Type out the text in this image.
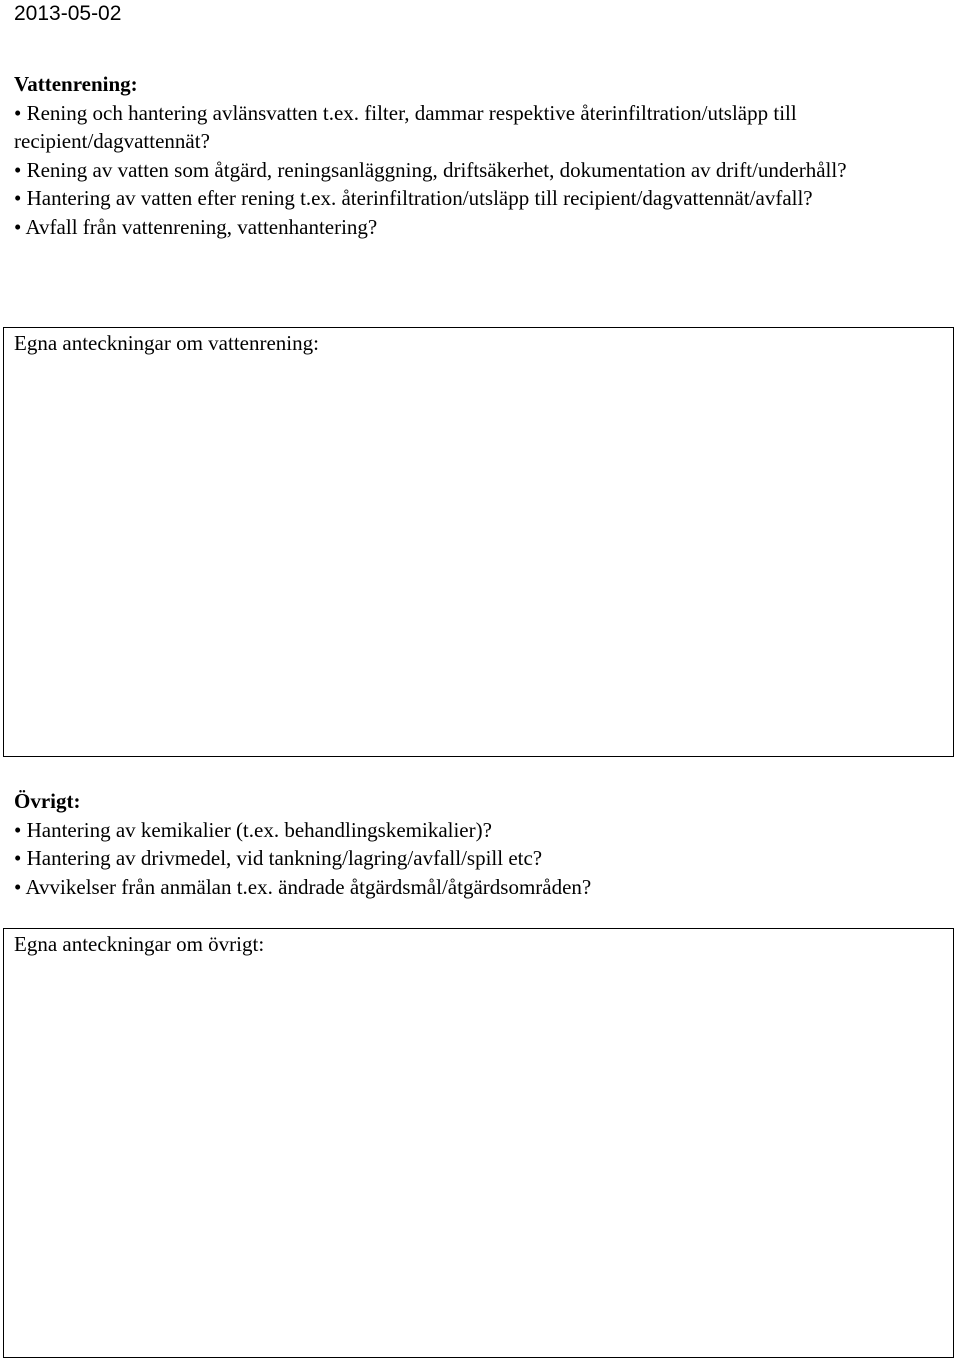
2013-05-02

Vattenrening:

• Rening och hantering avlänsvatten t.ex. filter, dammar respektive återinfiltration/utsläpp till recipient/dagvattennät?
• Rening av vatten som åtgärd, reningsanläggning, driftsäkerhet, dokumentation av drift/underhåll?
• Hantering av vatten efter rening t.ex. återinfiltration/utsläpp till recipient/dagvattennät/avfall?
• Avfall från vattenrening, vattenhantering?
Egna anteckningar om vattenrening:

Övrigt:

• Hantering av kemikalier (t.ex. behandlingskemikalier)?
• Hantering av drivmedel, vid tankning/lagring/avfall/spill etc?
• Avvikelser från anmälan t.ex. ändrade åtgärdsmål/åtgärdsområden?
Egna anteckningar om övrigt:
